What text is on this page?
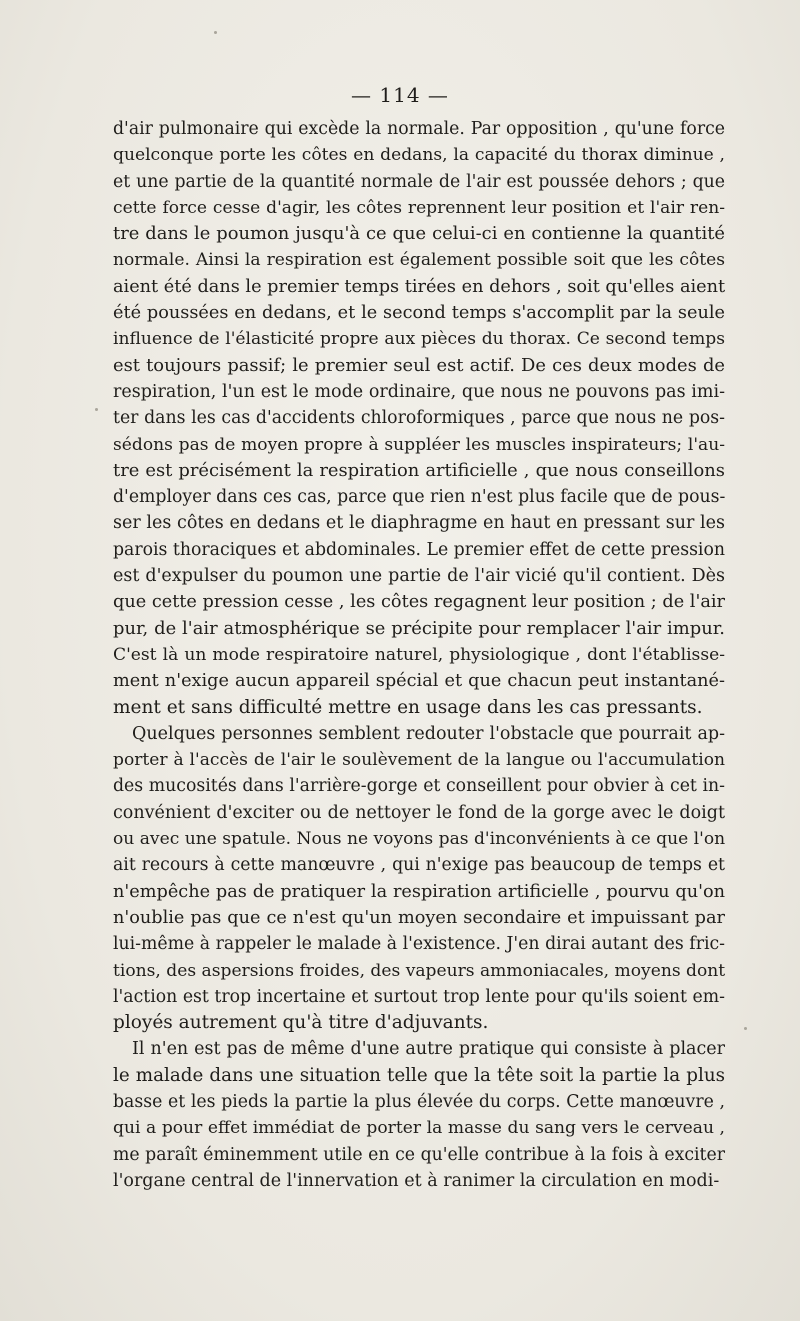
— 114 —
d'air pulmonaire qui excède la normale. Par opposition , qu'une force
quelconque porte les côtes en dedans, la capacité du thorax diminue ,
et une partie de la quantité normale de l'air est poussée dehors ; que
cette force cesse d'agir, les côtes reprennent leur position et l'air ren-
tre dans le poumon jusqu'à ce que celui-ci en contienne la quantité
normale. Ainsi la respiration est également possible soit que les côtes
aient été dans le premier temps tirées en dehors , soit qu'elles aient
été poussées en dedans, et le second temps s'accomplit par la seule
influence de l'élasticité propre aux pièces du thorax. Ce second temps
est toujours passif; le premier seul est actif. De ces deux modes de
respiration, l'un est le mode ordinaire, que nous ne pouvons pas imi-
ter dans les cas d'accidents chloroformiques , parce que nous ne pos-
sédons pas de moyen propre à suppléer les muscles inspirateurs; l'au-
tre est précisément la respiration artificielle , que nous conseillons
d'employer dans ces cas, parce que rien n'est plus facile que de pous-
ser les côtes en dedans et le diaphragme en haut en pressant sur les
parois thoraciques et abdominales. Le premier effet de cette pression
est d'expulser du poumon une partie de l'air vicié qu'il contient. Dès
que cette pression cesse , les côtes regagnent leur position ; de l'air
pur, de l'air atmosphérique se précipite pour remplacer l'air impur.
C'est là un mode respiratoire naturel, physiologique , dont l'établisse-
ment n'exige aucun appareil spécial et que chacun peut instantané-
ment et sans difficulté mettre en usage dans les cas pressants.
Quelques personnes semblent redouter l'obstacle que pourrait ap-
porter à l'accès de l'air le soulèvement de la langue ou l'accumulation
des mucosités dans l'arrière-gorge et conseillent pour obvier à cet in-
convénient d'exciter ou de nettoyer le fond de la gorge avec le doigt
ou avec une spatule. Nous ne voyons pas d'inconvénients à ce que l'on
ait recours à cette manœuvre , qui n'exige pas beaucoup de temps et
n'empêche pas de pratiquer la respiration artificielle , pourvu qu'on
n'oublie pas que ce n'est qu'un moyen secondaire et impuissant par
lui-même à rappeler le malade à l'existence. J'en dirai autant des fric-
tions, des aspersions froides, des vapeurs ammoniacales, moyens dont
l'action est trop incertaine et surtout trop lente pour qu'ils soient em-
ployés autrement qu'à titre d'adjuvants.
Il n'en est pas de même d'une autre pratique qui consiste à placer
le malade dans une situation telle que la tête soit la partie la plus
basse et les pieds la partie la plus élevée du corps. Cette manœuvre ,
qui a pour effet immédiat de porter la masse du sang vers le cerveau ,
me paraît éminemment utile en ce qu'elle contribue à la fois à exciter
l'organe central de l'innervation et à ranimer la circulation en modi-
